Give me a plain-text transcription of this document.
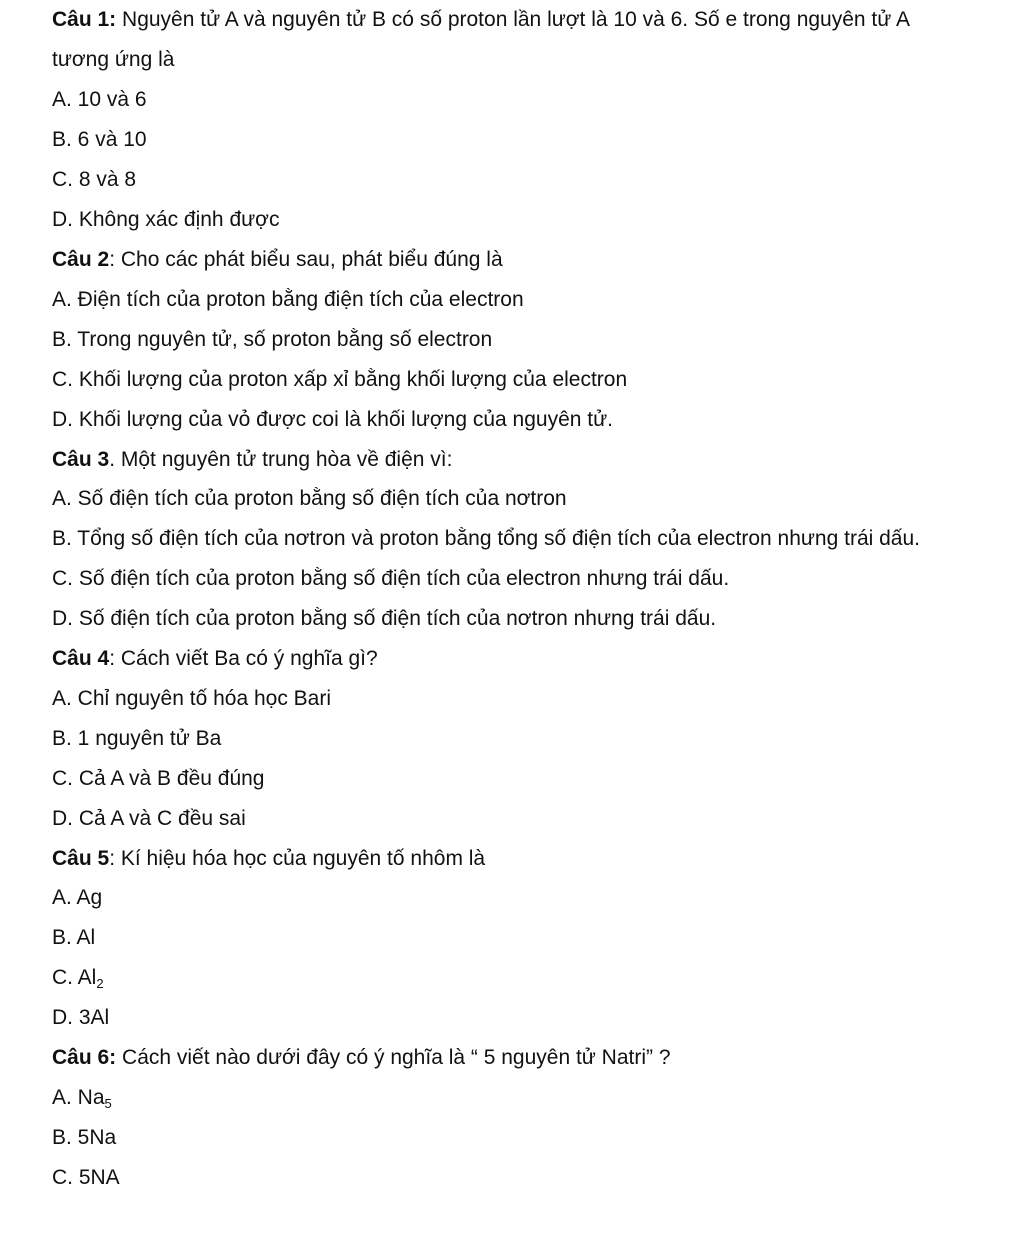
Câu 1: Nguyên tử A và nguyên tử B có số proton lần lượt là 10 và 6. Số e trong nguyên tử A
tương ứng là
A. 10 và 6
B. 6 và 10
C. 8 và 8
D. Không xác định được
Câu 2: Cho các phát biểu sau, phát biểu đúng là
A. Điện tích của proton bằng điện tích của electron
B. Trong nguyên tử, số proton bằng số electron
C. Khối lượng của proton xấp xỉ bằng khối lượng của electron
D. Khối lượng của vỏ được coi là khối lượng của nguyên tử.
Câu 3. Một nguyên tử trung hòa về điện vì:
A. Số điện tích của proton bằng số điện tích của nơtron
B. Tổng số điện tích của nơtron và proton bằng tổng số điện tích của electron nhưng trái dấu.
C. Số điện tích của proton bằng số điện tích của electron nhưng trái dấu.
D. Số điện tích của proton bằng số điện tích của nơtron nhưng trái dấu.
Câu 4: Cách viết Ba có ý nghĩa gì?
A. Chỉ nguyên tố hóa học Bari
B. 1 nguyên tử Ba
C. Cả A và B đều đúng
D. Cả A và C đều sai
Câu 5: Kí hiệu hóa học của nguyên tố nhôm là
A. Ag
B. Al
C. $Al_2$
D. 3Al
Câu 6: Cách viết nào dưới đây có ý nghĩa là “ 5 nguyên tử Natri” ?
A. $Na_5$
B. 5Na
C. 5NA
